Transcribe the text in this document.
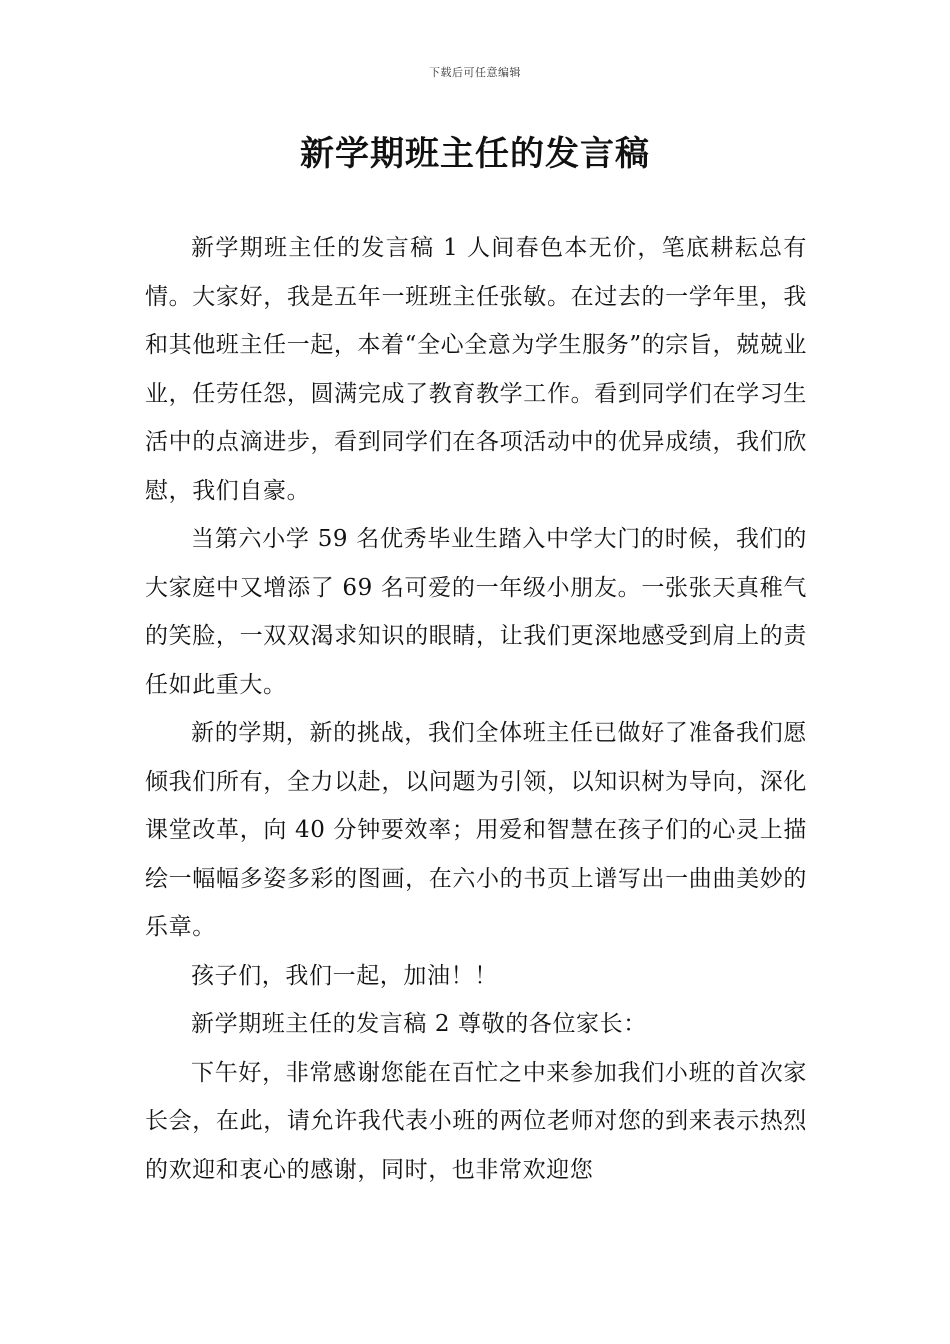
下载后可任意编辑
新学期班主任的发言稿

新学期班主任的发言稿 1 人间春色本无价，笔底耕耘总有情。大家好，我是五年一班班主任张敏。在过去的一学年里，我和其他班主任一起，本着“全心全意为学生服务”的宗旨，兢兢业业，任劳任怨，圆满完成了教育教学工作。看到同学们在学习生活中的点滴进步，看到同学们在各项活动中的优异成绩，我们欣慰，我们自豪。

当第六小学 59 名优秀毕业生踏入中学大门的时候，我们的大家庭中又增添了 69 名可爱的一年级小朋友。一张张天真稚气的笑脸，一双双渴求知识的眼睛，让我们更深地感受到肩上的责任如此重大。

新的学期，新的挑战，我们全体班主任已做好了准备我们愿倾我们所有，全力以赴，以问题为引领，以知识树为导向，深化课堂改革，向 40 分钟要效率；用爱和智慧在孩子们的心灵上描绘一幅幅多姿多彩的图画，在六小的书页上谱写出一曲曲美妙的乐章。

孩子们，我们一起，加油！！

新学期班主任的发言稿 2 尊敬的各位家长：

下午好，非常感谢您能在百忙之中来参加我们小班的首次家长会，在此，请允许我代表小班的两位老师对您的到来表示热烈的欢迎和衷心的感谢，同时，也非常欢迎您
